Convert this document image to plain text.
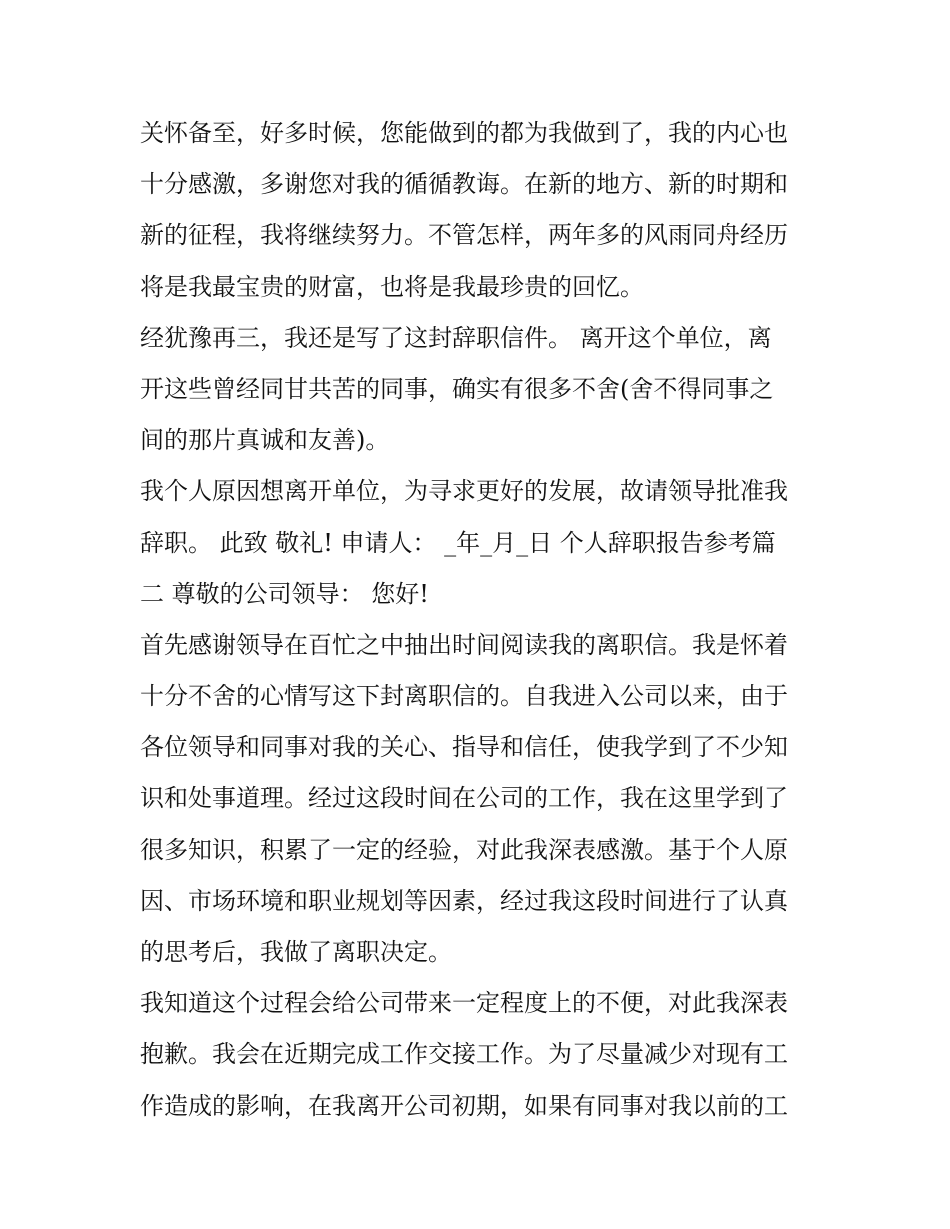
关怀备至，好多时候，您能做到的都为我做到了，我的内心也
十分感激，多谢您对我的循循教诲。在新的地方、新的时期和
新的征程，我将继续努力。不管怎样，两年多的风雨同舟经历
将是我最宝贵的财富，也将是我最珍贵的回忆。
经犹豫再三，我还是写了这封辞职信件。 离开这个单位，离
开这些曾经同甘共苦的同事，确实有很多不舍(舍不得同事之
间的那片真诚和友善)。
我个人原因想离开单位，为寻求更好的发展，故请领导批准我
辞职。 此致 敬礼! 申请人： _年_月_日 个人辞职报告参考篇
二 尊敬的公司领导： 您好!
首先感谢领导在百忙之中抽出时间阅读我的离职信。我是怀着
十分不舍的心情写这下封离职信的。自我进入公司以来，由于
各位领导和同事对我的关心、指导和信任，使我学到了不少知
识和处事道理。经过这段时间在公司的工作，我在这里学到了
很多知识，积累了一定的经验，对此我深表感激。基于个人原
因、市场环境和职业规划等因素，经过我这段时间进行了认真
的思考后，我做了离职决定。
我知道这个过程会给公司带来一定程度上的不便，对此我深表
抱歉。我会在近期完成工作交接工作。为了尽量减少对现有工
作造成的影响，在我离开公司初期，如果有同事对我以前的工
